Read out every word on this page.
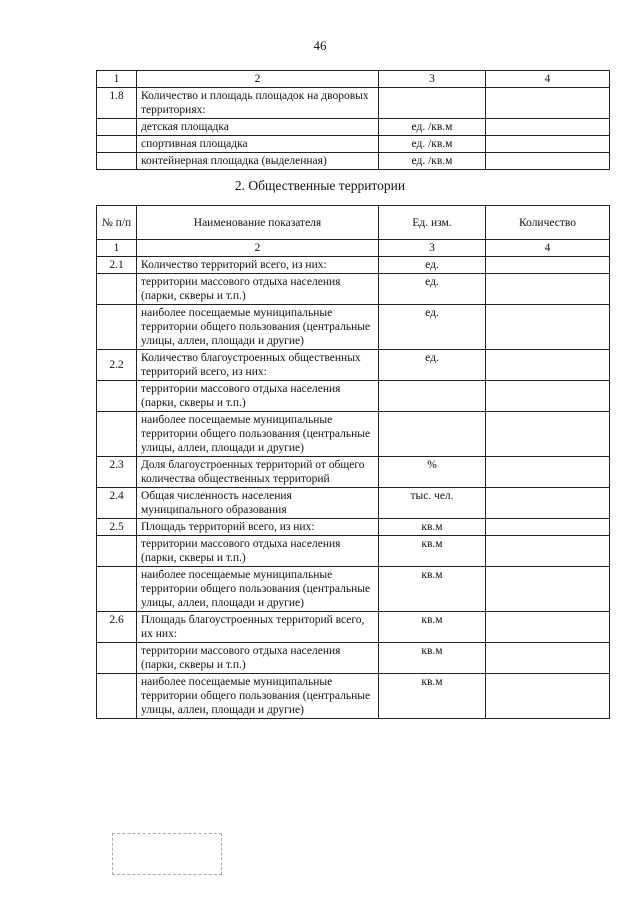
46
1	2	3	4
1.8	Количество и площадь площадок на дворовых территориях:		
	детская площадка	ед. /кв.м	
	спортивная площадка	ед. /кв.м	
	контейнерная площадка (выделенная)	ед. /кв.м	
2. Общественные территории
№ п/п	Наименование показателя	Ед. изм.	Количество
1	2	3	4
2.1	Количество территорий всего, из них:	ед.	
	территории массового отдыха населения (парки, скверы и т.п.)	ед.	
	наиболее посещаемые муниципальные территории общего пользования (центральные улицы, аллеи, площади и другие)	ед.	
2.2	Количество благоустроенных общественных территорий всего, из них:	ед.	
	территории массового отдыха населения (парки, скверы и т.п.)		
	наиболее посещаемые муниципальные территории общего пользования (центральные улицы, аллеи, площади и другие)		
2.3	Доля благоустроенных территорий от общего количества общественных территорий	%	
2.4	Общая численность населения муниципального образования	тыс. чел.	
2.5	Площадь территорий всего, из них:	кв.м	
	территории массового отдыха населения (парки, скверы и т.п.)	кв.м	
	наиболее посещаемые муниципальные территории общего пользования (центральные улицы, аллеи, площади и другие)	кв.м	
2.6	Площадь благоустроенных территорий всего, их них:	кв.м	
	территории массового отдыха населения (парки, скверы и т.п.)	кв.м	
	наиболее посещаемые муниципальные территории общего пользования (центральные улицы, аллеи, площади и другие)	кв.м	
